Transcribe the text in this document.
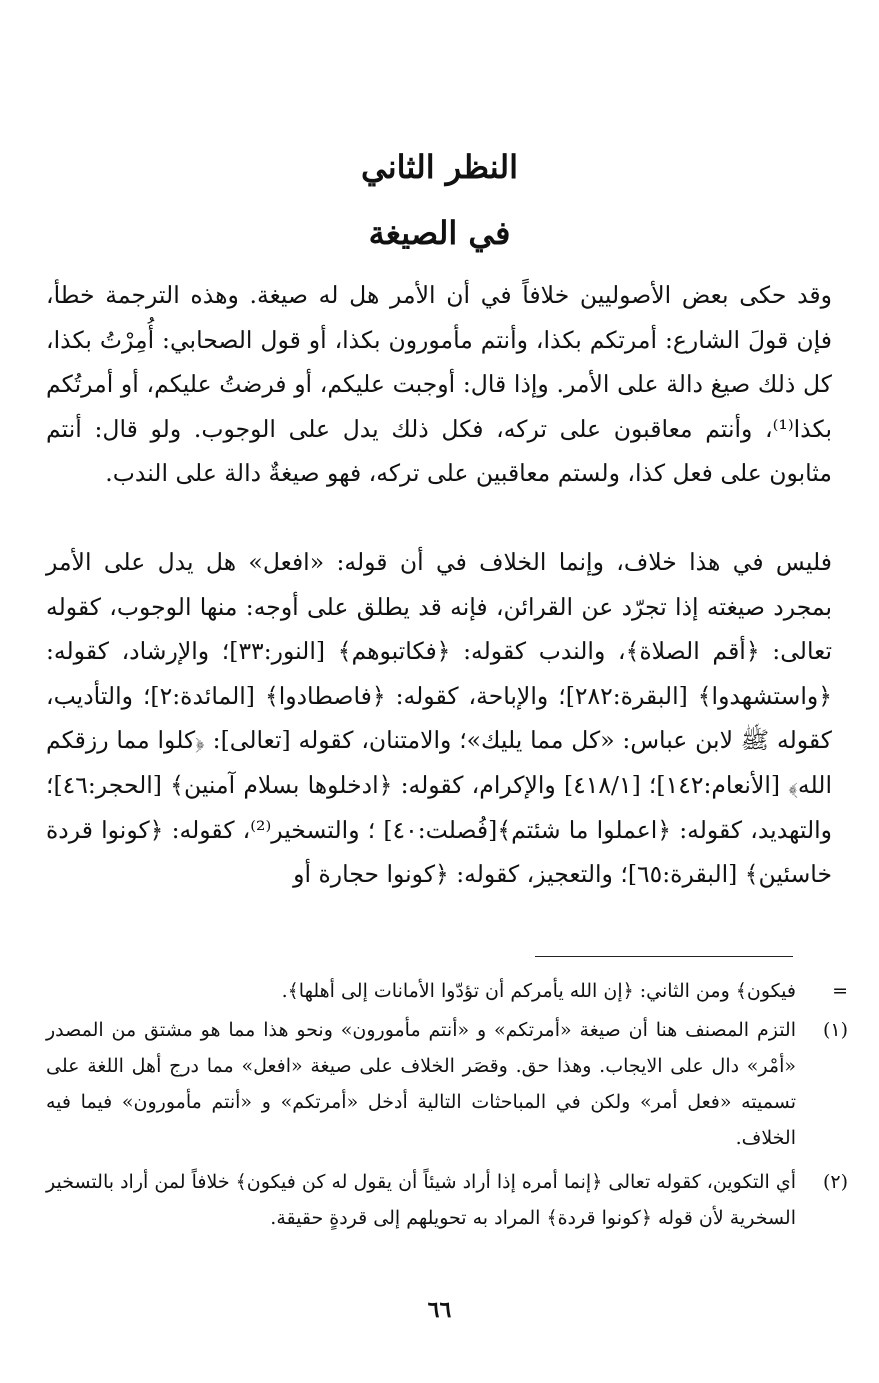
النظر الثاني
في الصيغة

وقد حكى بعض الأصوليين خلافاً في أن الأمر هل له صيغة. وهذه الترجمة خطأ، فإن قولَ الشارع: أمرتكم بكذا، وأنتم مأمورون بكذا، أو قول الصحابي: أُمِرْتُ بكذا، كل ذلك صيغ دالة على الأمر. وإذا قال: أوجبت عليكم، أو فرضتُ عليكم، أو أمرتُكم بكذا⁽¹⁾، وأنتم معاقبون على تركه، فكل ذلك يدل على الوجوب. ولو قال: أنتم مثابون على فعل كذا، ولستم معاقبين على تركه، فهو صيغةٌ دالة على الندب.

فليس في هذا خلاف، وإنما الخلاف في أن قوله: «افعل» هل يدل على الأمر بمجرد صيغته إذا تجرّد عن القرائن، فإنه قد يطلق على أوجه: منها الوجوب، كقوله تعالى: ﴿أقم الصلاة﴾، والندب كقوله: ﴿فكاتبوهم﴾ [النور:٣٣]؛ والإرشاد، كقوله: ﴿واستشهدوا﴾ [البقرة:٢٨٢]؛ والإباحة، كقوله: ﴿فاصطادوا﴾ [المائدة:٢]؛ والتأديب، كقوله ﷺ لابن عباس: «كل مما يليك»؛ والامتنان، كقوله [تعالى]: ﴿كلوا مما رزقكم الله﴾ [الأنعام:١٤٢]؛ [٤١٨/١] والإكرام، كقوله: ﴿ادخلوها بسلام آمنين﴾ [الحجر:٤٦]؛ والتهديد، كقوله: ﴿اعملوا ما شئتم﴾[فُصلت:٤٠] ؛ والتسخير⁽²⁾، كقوله: ﴿كونوا قردة خاسئين﴾ [البقرة:٦٥]؛ والتعجيز، كقوله: ﴿كونوا حجارة أو

=
فيكون﴾ ومن الثاني: ﴿إن الله يأمركم أن تؤدّوا الأمانات إلى أهلها﴾.
(١)
التزم المصنف هنا أن صيغة «أمرتكم» و «أنتم مأمورون» ونحو هذا مما هو مشتق من المصدر «أمْر» دال على الايجاب. وهذا حق. وقصَر الخلاف على صيغة «افعل» مما درج أهل اللغة على تسميته «فعل أمر» ولكن في المباحثات التالية أدخل «أمرتكم» و «أنتم مأمورون» فيما فيه الخلاف.
(٢)
أي التكوين، كقوله تعالى ﴿إنما أمره إذا أراد شيئاً أن يقول له كن فيكون﴾ خلافاً لمن أراد بالتسخير السخرية لأن قوله ﴿كونوا قردة﴾ المراد به تحويلهم إلى قردةٍ حقيقة.
٦٦
